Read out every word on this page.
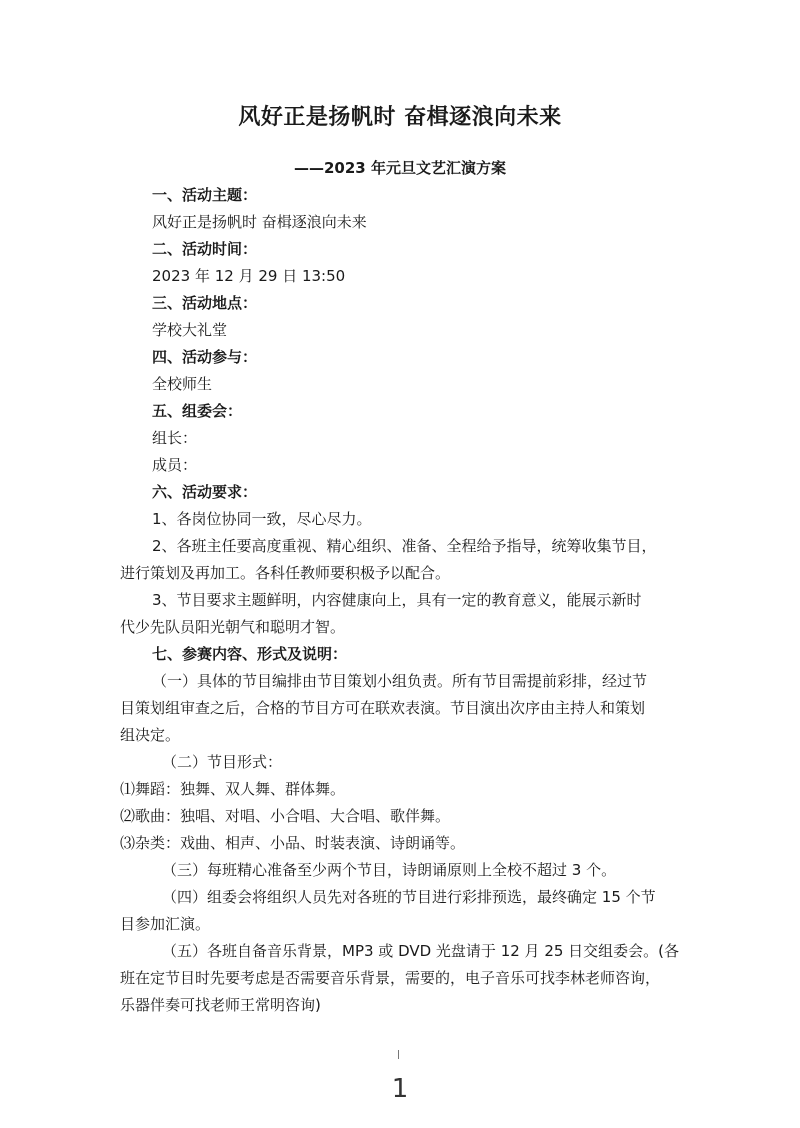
风好正是扬帆时 奋楫逐浪向未来
——2023 年元旦文艺汇演方案
一、活动主题：
风好正是扬帆时 奋楫逐浪向未来
二、活动时间：
2023 年 12 月 29 日 13:50
三、活动地点：
学校大礼堂
四、活动参与：
全校师生
五、组委会：
组长：
成员：
六、活动要求：
1、各岗位协同一致，尽心尽力。
2、各班主任要高度重视、精心组织、准备、全程给予指导，统筹收集节目，
进行策划及再加工。各科任教师要积极予以配合。
3、节目要求主题鲜明，内容健康向上，具有一定的教育意义，能展示新时
代少先队员阳光朝气和聪明才智。
七、参赛内容、形式及说明：
（一）具体的节目编排由节目策划小组负责。所有节目需提前彩排，经过节
目策划组审查之后，合格的节目方可在联欢表演。节目演出次序由主持人和策划
组决定。
（二）节目形式：
⑴舞蹈：独舞、双人舞、群体舞。
⑵歌曲：独唱、对唱、小合唱、大合唱、歌伴舞。
⑶杂类：戏曲、相声、小品、时装表演、诗朗诵等。
（三）每班精心准备至少两个节目，诗朗诵原则上全校不超过 3 个。
（四）组委会将组织人员先对各班的节目进行彩排预选，最终确定 15 个节
目参加汇演。
（五）各班自备音乐背景，MP3 或 DVD 光盘请于 12 月 25 日交组委会。(各
班在定节目时先要考虑是否需要音乐背景，需要的，电子音乐可找李林老师咨询，
乐器伴奏可找老师王常明咨询)
1
